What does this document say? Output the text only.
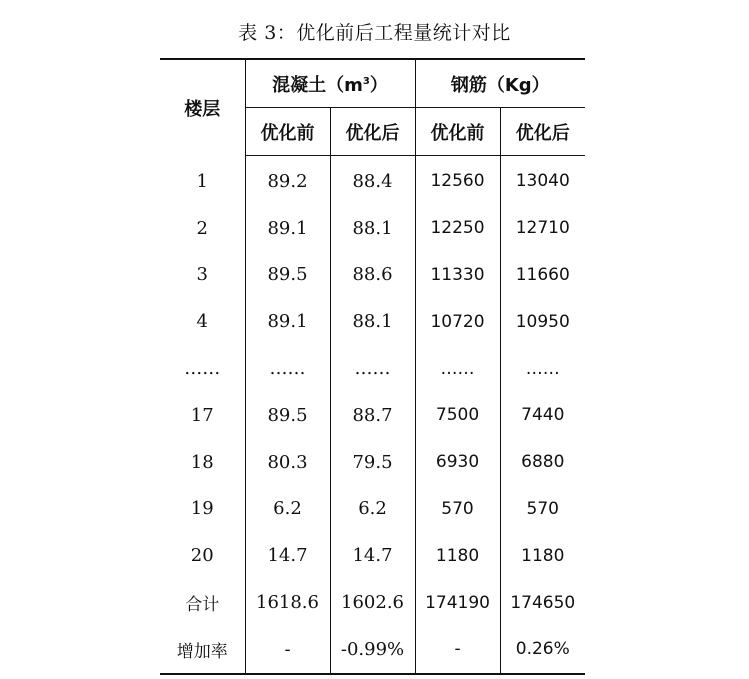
表 3：优化前后工程量统计对比
楼层	混凝土$(m^3)$		钢筋（Kg）	
	优化前	优化后	优化前	优化后
1	89.2	88.4	12560	13040
2	89.1	88.1	12250	12710
3	89.5	88.6	11330	11660
4	89.1	88.1	10720	10950
……	……	……	……	……
17	89.5	88.7	7500	7440
18	80.3	79.5	6930	6880
19	6.2	6.2	570	570
20	14.7	14.7	1180	1180
合计	1618.6	1602.6	174190	174650
增加率	-	-0.99%	-	0.26%
